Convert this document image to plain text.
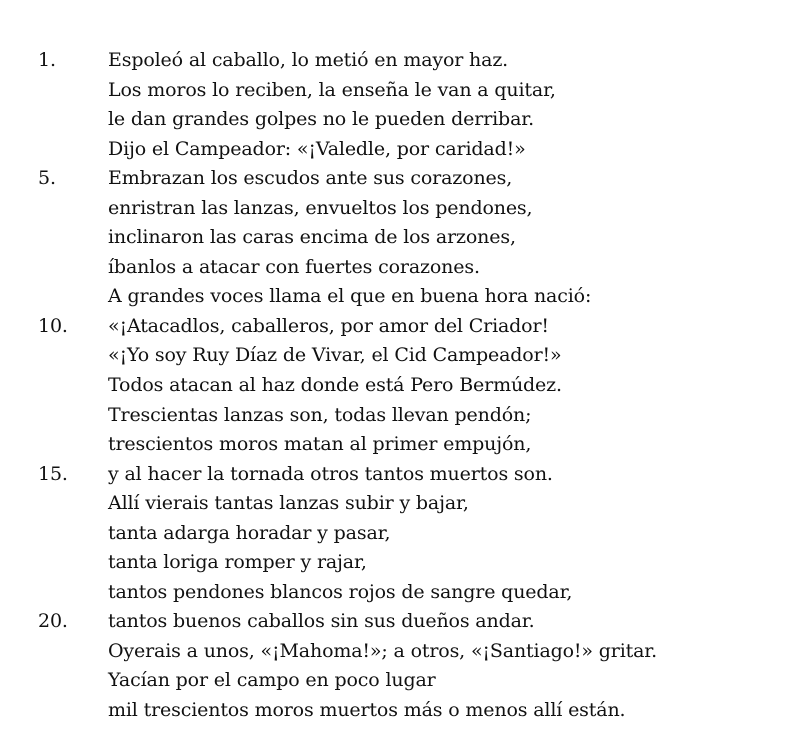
1.	Espoleó al caballo, lo metió en mayor haz.
Los moros lo reciben, la enseña le van a quitar,
le dan grandes golpes no le pueden derribar.
Dijo el Campeador: «¡Valedle, por caridad!»
5.	Embrazan los escudos ante sus corazones,
enristran las lanzas, envueltos los pendones,
inclinaron las caras encima de los arzones,
íbanlos a atacar con fuertes corazones.
A grandes voces llama el que en buena hora nació:
10. «¡Atacadlos, caballeros, por amor del Criador!
«¡Yo soy Ruy Díaz de Vivar, el Cid Campeador!»
Todos atacan al haz donde está Pero Bermúdez.
Trescientas lanzas son, todas llevan pendón;
trescientos moros matan al primer empujón,
15. y al hacer la tornada otros tantos muertos son.
Allí vierais tantas lanzas subir y bajar,
tanta adarga horadar y pasar,
tanta loriga romper y rajar,
tantos pendones blancos rojos de sangre quedar,
20. tantos buenos caballos sin sus dueños andar.
Oyerais a unos, «¡Mahoma!»; a otros, «¡Santiago!» gritar.
Yacían por el campo en poco lugar
mil trescientos moros muertos más o menos allí están.
